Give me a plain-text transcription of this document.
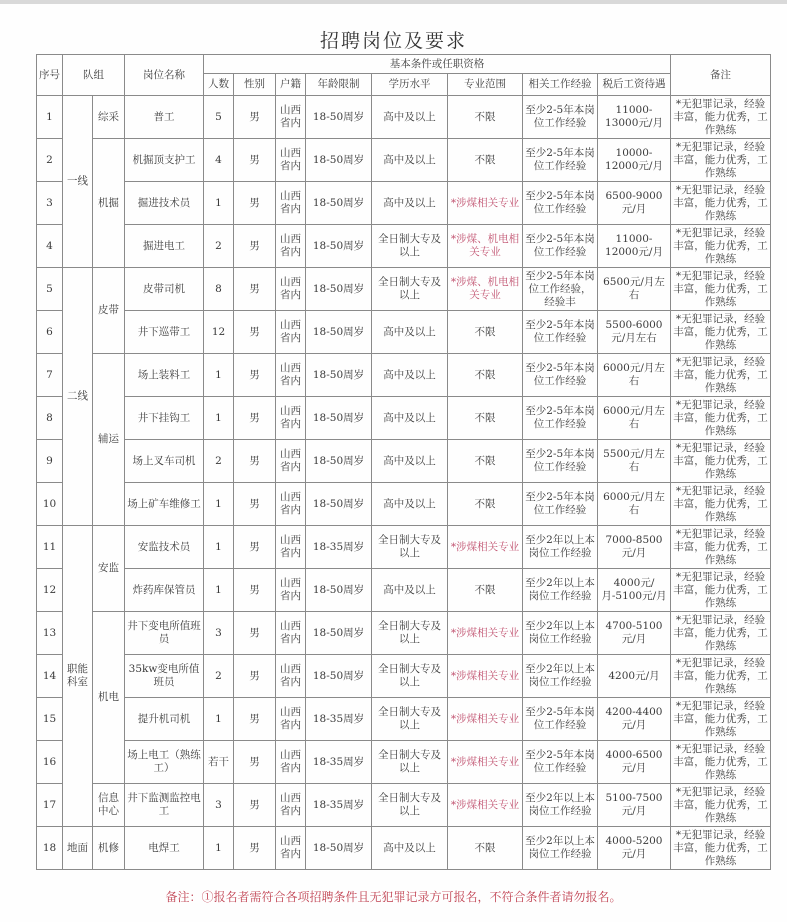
招聘岗位及要求
序号	队组		岗位名称	基本条件或任职资格								备注
				人数	性别	户籍	年龄限制	学历水平	专业范围	相关工作经验	税后工资待遇	
1	一线	综采	普工	5	男	山西省内	18-50周岁	高中及以上	不限	至少2-5年本岗位工作经验	11000-13000元/月	*无犯罪记录，经验丰富，能力优秀，工作熟练
2		机掘	机掘顶支护工	4	男	山西省内	18-50周岁	高中及以上	不限	至少2-5年本岗位工作经验	10000-12000元/月	*无犯罪记录，经验丰富，能力优秀，工作熟练
3			掘进技术员	1	男	山西省内	18-50周岁	高中及以上	*涉煤相关专业	至少2-5年本岗位工作经验	6500-9000元/月	*无犯罪记录，经验丰富，能力优秀，工作熟练
4			掘进电工	2	男	山西省内	18-50周岁	全日制大专及以上	*涉煤、机电相关专业	至少2-5年本岗位工作经验	11000-12000元/月	*无犯罪记录，经验丰富，能力优秀，工作熟练
5	二线	皮带	皮带司机	8	男	山西省内	18-50周岁	全日制大专及以上	*涉煤、机电相关专业	至少2-5年本岗位工作经验，经验丰	6500元/月左右	*无犯罪记录，经验丰富，能力优秀，工作熟练
6			井下巡带工	12	男	山西省内	18-50周岁	高中及以上	不限	至少2-5年本岗位工作经验	5500-6000元/月左右	*无犯罪记录，经验丰富，能力优秀，工作熟练
7		辅运	场上装料工	1	男	山西省内	18-50周岁	高中及以上	不限	至少2-5年本岗位工作经验	6000元/月左右	*无犯罪记录，经验丰富，能力优秀，工作熟练
8			井下挂钩工	1	男	山西省内	18-50周岁	高中及以上	不限	至少2-5年本岗位工作经验	6000元/月左右	*无犯罪记录，经验丰富，能力优秀，工作熟练
9			场上叉车司机	2	男	山西省内	18-50周岁	高中及以上	不限	至少2-5年本岗位工作经验	5500元/月左右	*无犯罪记录，经验丰富，能力优秀，工作熟练
10			场上矿车维修工	1	男	山西省内	18-50周岁	高中及以上	不限	至少2-5年本岗位工作经验	6000元/月左右	*无犯罪记录，经验丰富，能力优秀，工作熟练
11	职能科室	安监	安监技术员	1	男	山西省内	18-35周岁	全日制大专及以上	*涉煤相关专业	至少2年以上本岗位工作经验	7000-8500元/月	*无犯罪记录，经验丰富，能力优秀，工作熟练
12			炸药库保管员	1	男	山西省内	18-50周岁	高中及以上	不限	至少2年以上本岗位工作经验	4000元/月-5100元/月	*无犯罪记录，经验丰富，能力优秀，工作熟练
13		机电	井下变电所值班员	3	男	山西省内	18-50周岁	全日制大专及以上	*涉煤相关专业	至少2年以上本岗位工作经验	4700-5100元/月	*无犯罪记录，经验丰富，能力优秀，工作熟练
14			35kw变电所值班员	2	男	山西省内	18-50周岁	全日制大专及以上	*涉煤相关专业	至少2年以上本岗位工作经验	4200元/月	*无犯罪记录，经验丰富，能力优秀，工作熟练
15			提升机司机	1	男	山西省内	18-35周岁	全日制大专及以上	*涉煤相关专业	至少2-5年本岗位工作经验	4200-4400元/月	*无犯罪记录，经验丰富，能力优秀，工作熟练
16			场上电工（熟练工）	若干	男	山西省内	18-35周岁	全日制大专及以上	*涉煤相关专业	至少2-5年本岗位工作经验	4000-6500元/月	*无犯罪记录，经验丰富，能力优秀，工作熟练
17		信息中心	井下监测监控电工	3	男	山西省内	18-35周岁	全日制大专及以上	*涉煤相关专业	至少2年以上本岗位工作经验	5100-7500元/月	*无犯罪记录，经验丰富，能力优秀，工作熟练
18	地面	机修	电焊工	1	男	山西省内	18-50周岁	高中及以上	不限	至少2年以上本岗位工作经验	4000-5200元/月	*无犯罪记录，经验丰富，能力优秀，工作熟练
备注：①报名者需符合各项招聘条件且无犯罪记录方可报名，不符合条件者请勿报名。
